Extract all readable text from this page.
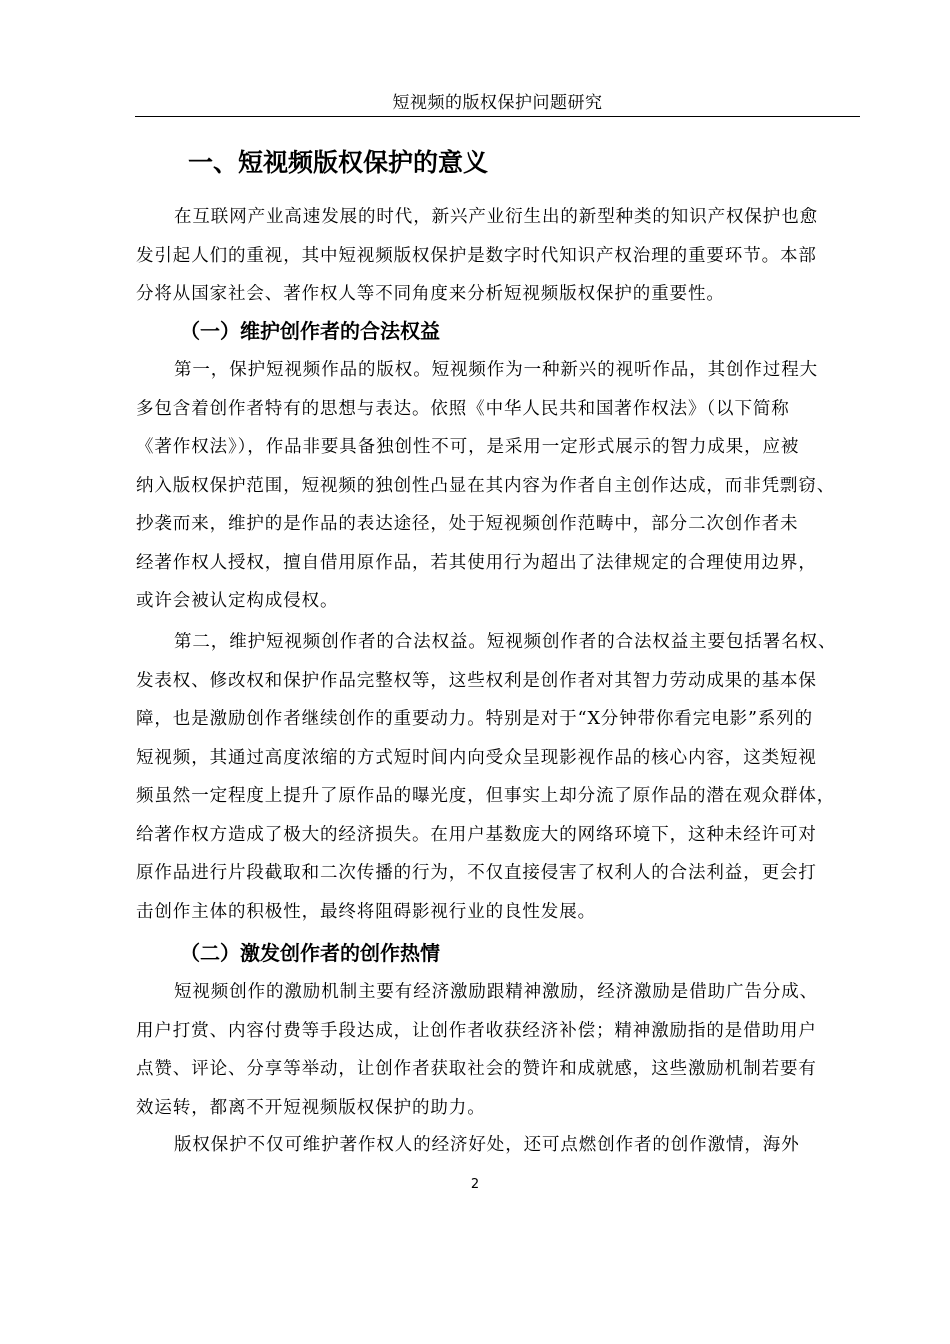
短视频的版权保护问题研究
一、短视频版权保护的意义

在互联网产业高速发展的时代，新兴产业衍生出的新型种类的知识产权保护也愈
发引起人们的重视，其中短视频版权保护是数字时代知识产权治理的重要环节。本部
分将从国家社会、著作权人等不同角度来分析短视频版权保护的重要性。

（一）维护创作者的合法权益

第一，保护短视频作品的版权。短视频作为一种新兴的视听作品，其创作过程大
多包含着创作者特有的思想与表达。依照《中华人民共和国著作权法》（以下简称
《著作权法》），作品非要具备独创性不可，是采用一定形式展示的智力成果，应被
纳入版权保护范围，短视频的独创性凸显在其内容为作者自主创作达成，而非凭剽窃、
抄袭而来，维护的是作品的表达途径，处于短视频创作范畴中，部分二次创作者未
经著作权人授权，擅自借用原作品，若其使用行为超出了法律规定的合理使用边界，
或许会被认定构成侵权。

第二，维护短视频创作者的合法权益。短视频创作者的合法权益主要包括署名权、
发表权、修改权和保护作品完整权等，这些权利是创作者对其智力劳动成果的基本保
障，也是激励创作者继续创作的重要动力。特别是对于“X分钟带你看完电影”系列的
短视频，其通过高度浓缩的方式短时间内向受众呈现影视作品的核心内容，这类短视
频虽然一定程度上提升了原作品的曝光度，但事实上却分流了原作品的潜在观众群体，
给著作权方造成了极大的经济损失。在用户基数庞大的网络环境下，这种未经许可对
原作品进行片段截取和二次传播的行为，不仅直接侵害了权利人的合法利益，更会打
击创作主体的积极性，最终将阻碍影视行业的良性发展。

（二）激发创作者的创作热情

短视频创作的激励机制主要有经济激励跟精神激励，经济激励是借助广告分成、
用户打赏、内容付费等手段达成，让创作者收获经济补偿；精神激励指的是借助用户
点赞、评论、分享等举动，让创作者获取社会的赞许和成就感，这些激励机制若要有
效运转，都离不开短视频版权保护的助力。

版权保护不仅可维护著作权人的经济好处，还可点燃创作者的创作激情，海外

2
